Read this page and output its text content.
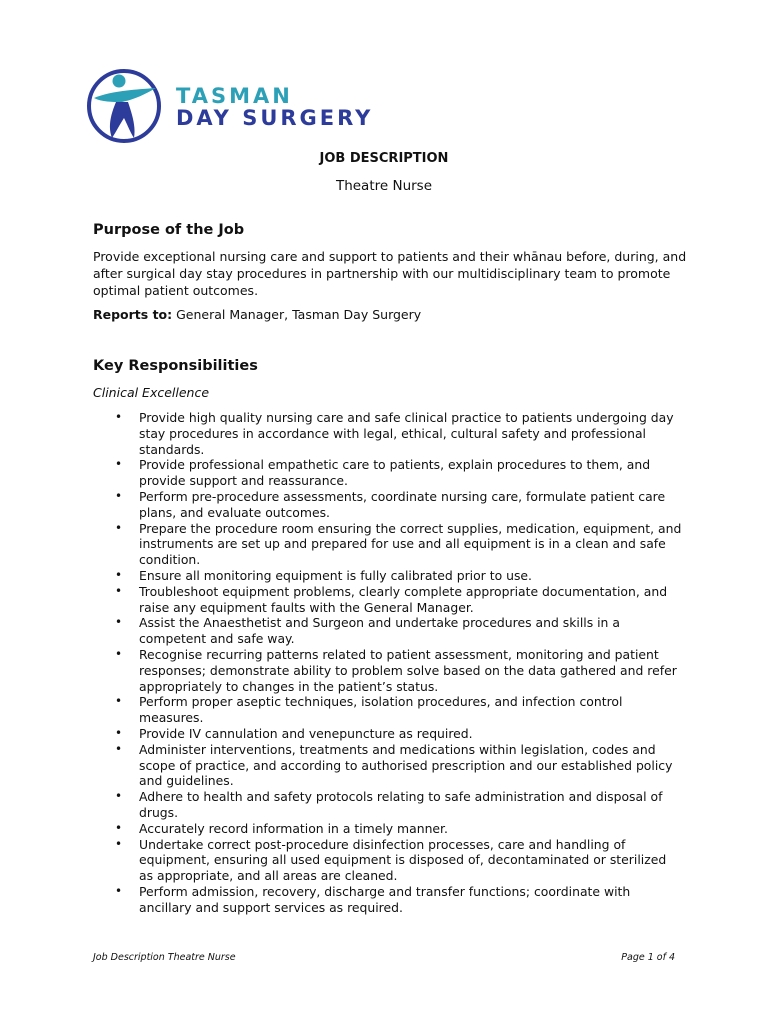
TASMAN
DAY SURGERY
JOB DESCRIPTION
Theatre Nurse
Purpose of the Job
Provide exceptional nursing care and support to patients and their whānau before, during, and after surgical day stay procedures in partnership with our multidisciplinary team to promote optimal patient outcomes.
Reports to: General Manager, Tasman Day Surgery
Key Responsibilities
Clinical Excellence
• Provide high quality nursing care and safe clinical practice to patients undergoing day stay procedures in accordance with legal, ethical, cultural safety and professional standards.
• Provide professional empathetic care to patients, explain procedures to them, and provide support and reassurance.
• Perform pre-procedure assessments, coordinate nursing care, formulate patient care plans, and evaluate outcomes.
• Prepare the procedure room ensuring the correct supplies, medication, equipment, and instruments are set up and prepared for use and all equipment is in a clean and safe condition.
• Ensure all monitoring equipment is fully calibrated prior to use.
• Troubleshoot equipment problems, clearly complete appropriate documentation, and raise any equipment faults with the General Manager.
• Assist the Anaesthetist and Surgeon and undertake procedures and skills in a competent and safe way.
• Recognise recurring patterns related to patient assessment, monitoring and patient responses; demonstrate ability to problem solve based on the data gathered and refer appropriately to changes in the patient’s status.
• Perform proper aseptic techniques, isolation procedures, and infection control measures.
• Provide IV cannulation and venepuncture as required.
• Administer interventions, treatments and medications within legislation, codes and scope of practice, and according to authorised prescription and our established policy and guidelines.
• Adhere to health and safety protocols relating to safe administration and disposal of drugs.
• Accurately record information in a timely manner.
• Undertake correct post-procedure disinfection processes, care and handling of equipment, ensuring all used equipment is disposed of, decontaminated or sterilized as appropriate, and all areas are cleaned.
• Perform admission, recovery, discharge and transfer functions; coordinate with ancillary and support services as required.
Job Description Theatre Nurse	Page 1 of 4
